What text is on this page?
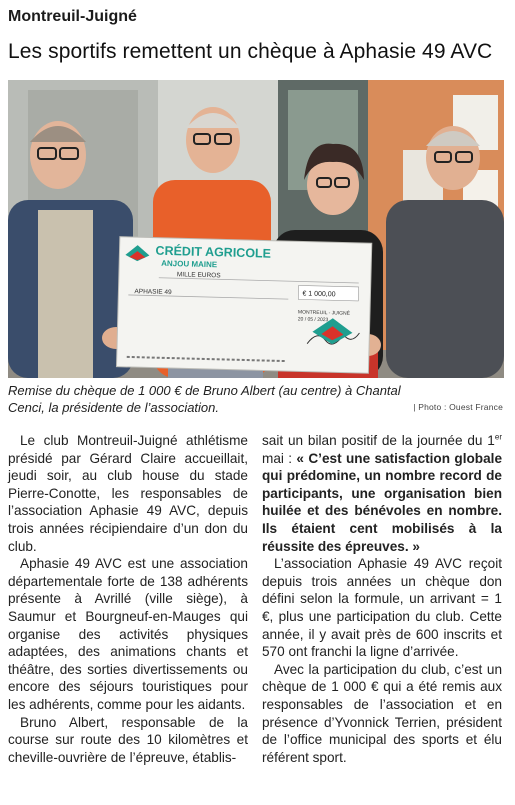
Montreuil-Juigné
Les sportifs remettent un chèque à Aphasie 49 AVC
CRÉDIT AGRICOLE
ANJOU MAINE
MILLE EUROS
€ 1 000,00
APHASIE 49
MONTREUIL - JUIGNÉ
20 / 05 / 2023
Remise du chèque de 1 000 € de Bruno Albert (au centre) à Chantal Cenci, la présidente de l’association.	| Photo : Ouest France

Le club Montreuil-Juigné athlétisme présidé par Gérard Claire accueillait, jeudi soir, au club house du stade Pierre-Conotte, les responsables de l’association Aphasie 49 AVC, depuis trois années récipiendaire d’un don du club.

Aphasie 49 AVC est une association départementale forte de 138 adhérents présente à Avrillé (ville siège), à Saumur et Bourgneuf-en-Mauges qui organise des activités physiques adaptées, des animations chants et théâtre, des sorties divertissements ou encore des séjours touristiques pour les adhérents, comme pour les aidants.

Bruno Albert, responsable de la course sur route des 10 kilomètres et cheville-ouvrière de l’épreuve, établis-

sait un bilan positif de la journée du 1er mai : « C’est une satisfaction globale qui prédomine, un nombre record de participants, une organisation bien huilée et des bénévoles en nombre. Ils étaient cent mobilisés à la réussite des épreuves. »

L’association Aphasie 49 AVC reçoit depuis trois années un chèque don défini selon la formule, un arrivant = 1 €, plus une participation du club. Cette année, il y avait près de 600 inscrits et 570 ont franchi la ligne d’arrivée.

Avec la participation du club, c’est un chèque de 1 000 € qui a été remis aux responsables de l’association et en présence d’Yvonnick Terrien, président de l’office municipal des sports et élu référent sport.
